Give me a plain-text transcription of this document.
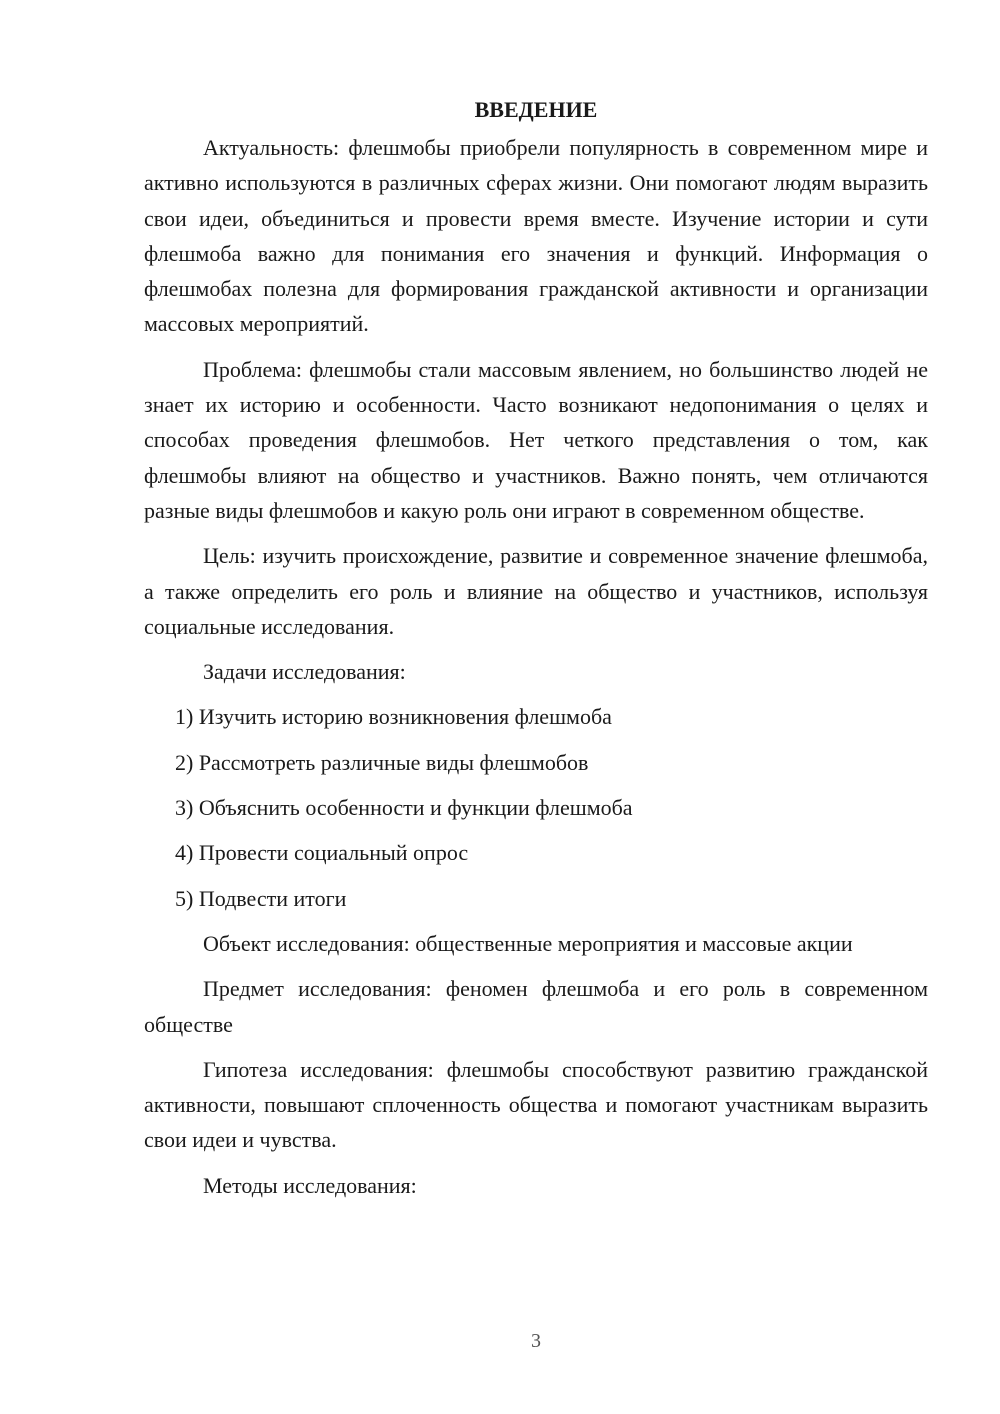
ВВЕДЕНИЕ

Актуальность: флешмобы приобрели популярность в современном мире и активно используются в различных сферах жизни. Они помогают людям выразить свои идеи, объединиться и провести время вместе. Изучение истории и сути флешмоба важно для понимания его значения и функций. Информация о флешмобах полезна для формирования гражданской активности и организации массовых мероприятий.

Проблема: флешмобы стали массовым явлением, но большинство людей не знает их историю и особенности. Часто возникают недопонимания о целях и способах проведения флешмобов. Нет четкого представления о том, как флешмобы влияют на общество и участников. Важно понять, чем отличаются разные виды флешмобов и какую роль они играют в современном обществе.

Цель: изучить происхождение, развитие и современное значение флешмоба, а также определить его роль и влияние на общество и участников, используя социальные исследования.

Задачи исследования:

1) Изучить историю возникновения флешмоба
2) Рассмотреть различные виды флешмобов
3) Объяснить особенности и функции флешмоба
4) Провести социальный опрос
5) Подвести итоги

Объект исследования: общественные мероприятия и массовые акции

Предмет исследования: феномен флешмоба и его роль в современном обществе

Гипотеза исследования: флешмобы способствуют развитию гражданской активности, повышают сплоченность общества и помогают участникам выразить свои идеи и чувства.

Методы исследования:

3
